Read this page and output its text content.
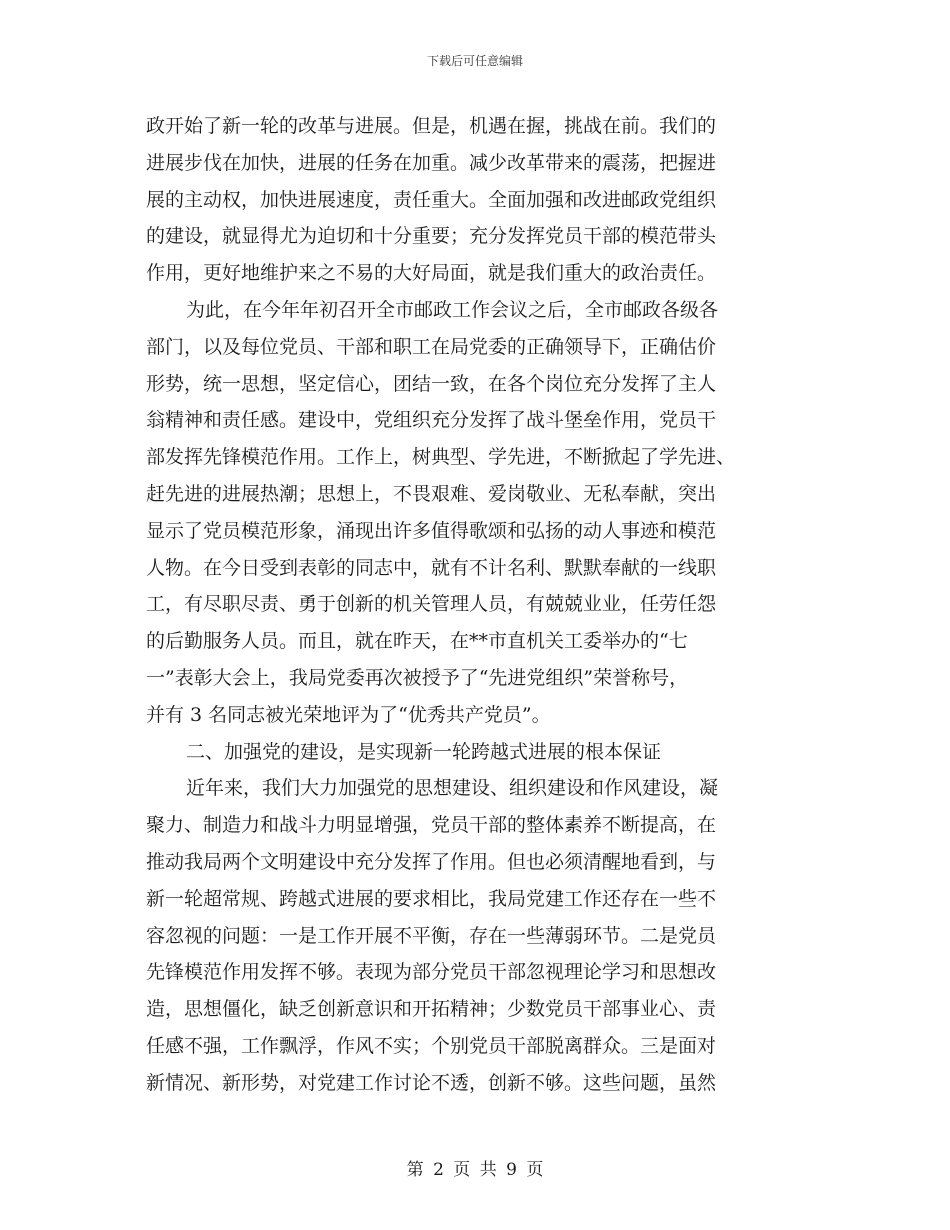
下载后可任意编辑
政开始了新一轮的改革与进展。但是，机遇在握，挑战在前。我们的
进展步伐在加快，进展的任务在加重。减少改革带来的震荡，把握进
展的主动权，加快进展速度，责任重大。全面加强和改进邮政党组织
的建设，就显得尤为迫切和十分重要；充分发挥党员干部的模范带头
作用，更好地维护来之不易的大好局面，就是我们重大的政治责任。
为此，在今年年初召开全市邮政工作会议之后，全市邮政各级各
部门，以及每位党员、干部和职工在局党委的正确领导下，正确估价
形势，统一思想，坚定信心，团结一致，在各个岗位充分发挥了主人
翁精神和责任感。建设中，党组织充分发挥了战斗堡垒作用，党员干
部发挥先锋模范作用。工作上，树典型、学先进，不断掀起了学先进、
赶先进的进展热潮；思想上，不畏艰难、爱岗敬业、无私奉献，突出
显示了党员模范形象，涌现出许多值得歌颂和弘扬的动人事迹和模范
人物。在今日受到表彰的同志中，就有不计名利、默默奉献的一线职
工，有尽职尽责、勇于创新的机关管理人员，有兢兢业业，任劳任怨
的后勤服务人员。而且，就在昨天，在**市直机关工委举办的“七
一”表彰大会上，我局党委再次被授予了“先进党组织”荣誉称号，
并有 3 名同志被光荣地评为了“优秀共产党员”。
二、加强党的建设，是实现新一轮跨越式进展的根本保证
近年来，我们大力加强党的思想建设、组织建设和作风建设，凝
聚力、制造力和战斗力明显增强，党员干部的整体素养不断提高，在
推动我局两个文明建设中充分发挥了作用。但也必须清醒地看到，与
新一轮超常规、跨越式进展的要求相比，我局党建工作还存在一些不
容忽视的问题：一是工作开展不平衡，存在一些薄弱环节。二是党员
先锋模范作用发挥不够。表现为部分党员干部忽视理论学习和思想改
造，思想僵化，缺乏创新意识和开拓精神；少数党员干部事业心、责
任感不强，工作飘浮，作风不实；个别党员干部脱离群众。三是面对
新情况、新形势，对党建工作讨论不透，创新不够。这些问题，虽然
第 2 页 共 9 页
